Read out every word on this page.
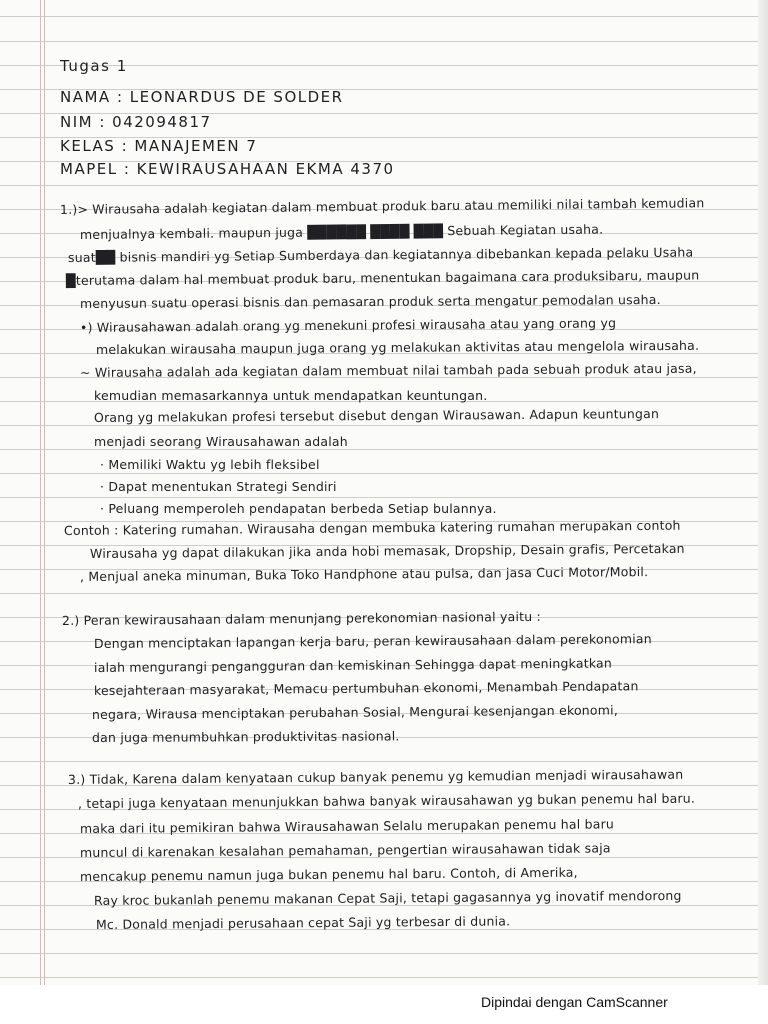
Tugas 1
NAMA : LEONARDUS DE SOLDER
NIM : 042094817
KELAS : MANAJEMEN 7
MAPEL : KEWIRAUSAHAAN EKMA 4370
1.)> Wirausaha adalah kegiatan dalam membuat produk baru atau memiliki nilai tambah kemudian
menjualnya kembali. maupun juga ██████ ████ ███ Sebuah Kegiatan usaha.
suat██ bisnis mandiri yg Setiap Sumberdaya dan kegiatannya dibebankan kepada pelaku Usaha
█terutama dalam hal membuat produk baru, menentukan bagaimana cara produksibaru, maupun
menyusun suatu operasi bisnis dan pemasaran produk serta mengatur pemodalan usaha.
•) Wirausahawan adalah orang yg menekuni profesi wirausaha atau yang orang yg
melakukan wirausaha maupun juga orang yg melakukan aktivitas atau mengelola wirausaha.
~ Wirausaha adalah ada kegiatan dalam membuat nilai tambah pada sebuah produk atau jasa,
kemudian memasarkannya untuk mendapatkan keuntungan.
Orang yg melakukan profesi tersebut disebut dengan Wirausawan. Adapun keuntungan
menjadi seorang Wirausahawan adalah
· Memiliki Waktu yg lebih fleksibel
· Dapat menentukan Strategi Sendiri
· Peluang memperoleh pendapatan berbeda Setiap bulannya.
Contoh : Katering rumahan. Wirausaha dengan membuka katering rumahan merupakan contoh
Wirausaha yg dapat dilakukan jika anda hobi memasak, Dropship, Desain grafis, Percetakan
, Menjual aneka minuman, Buka Toko Handphone atau pulsa, dan jasa Cuci Motor/Mobil.
2.) Peran kewirausahaan dalam menunjang perekonomian nasional yaitu :
Dengan menciptakan lapangan kerja baru, peran kewirausahaan dalam perekonomian
ialah mengurangi pengangguran dan kemiskinan Sehingga dapat meningkatkan
kesejahteraan masyarakat, Memacu pertumbuhan ekonomi, Menambah Pendapatan
negara, Wirausa menciptakan perubahan Sosial, Mengurai kesenjangan ekonomi,
dan juga menumbuhkan produktivitas nasional.
3.) Tidak, Karena dalam kenyataan cukup banyak penemu yg kemudian menjadi wirausahawan
, tetapi juga kenyataan menunjukkan bahwa banyak wirausahawan yg bukan penemu hal baru.
maka dari itu pemikiran bahwa Wirausahawan Selalu merupakan penemu hal baru
muncul di karenakan kesalahan pemahaman, pengertian wirausahawan tidak saja
mencakup penemu namun juga bukan penemu hal baru. Contoh, di Amerika,
Ray kroc bukanlah penemu makanan Cepat Saji, tetapi gagasannya yg inovatif mendorong
Mc. Donald menjadi perusahaan cepat Saji yg terbesar di dunia.
Dipindai dengan CamScanner
